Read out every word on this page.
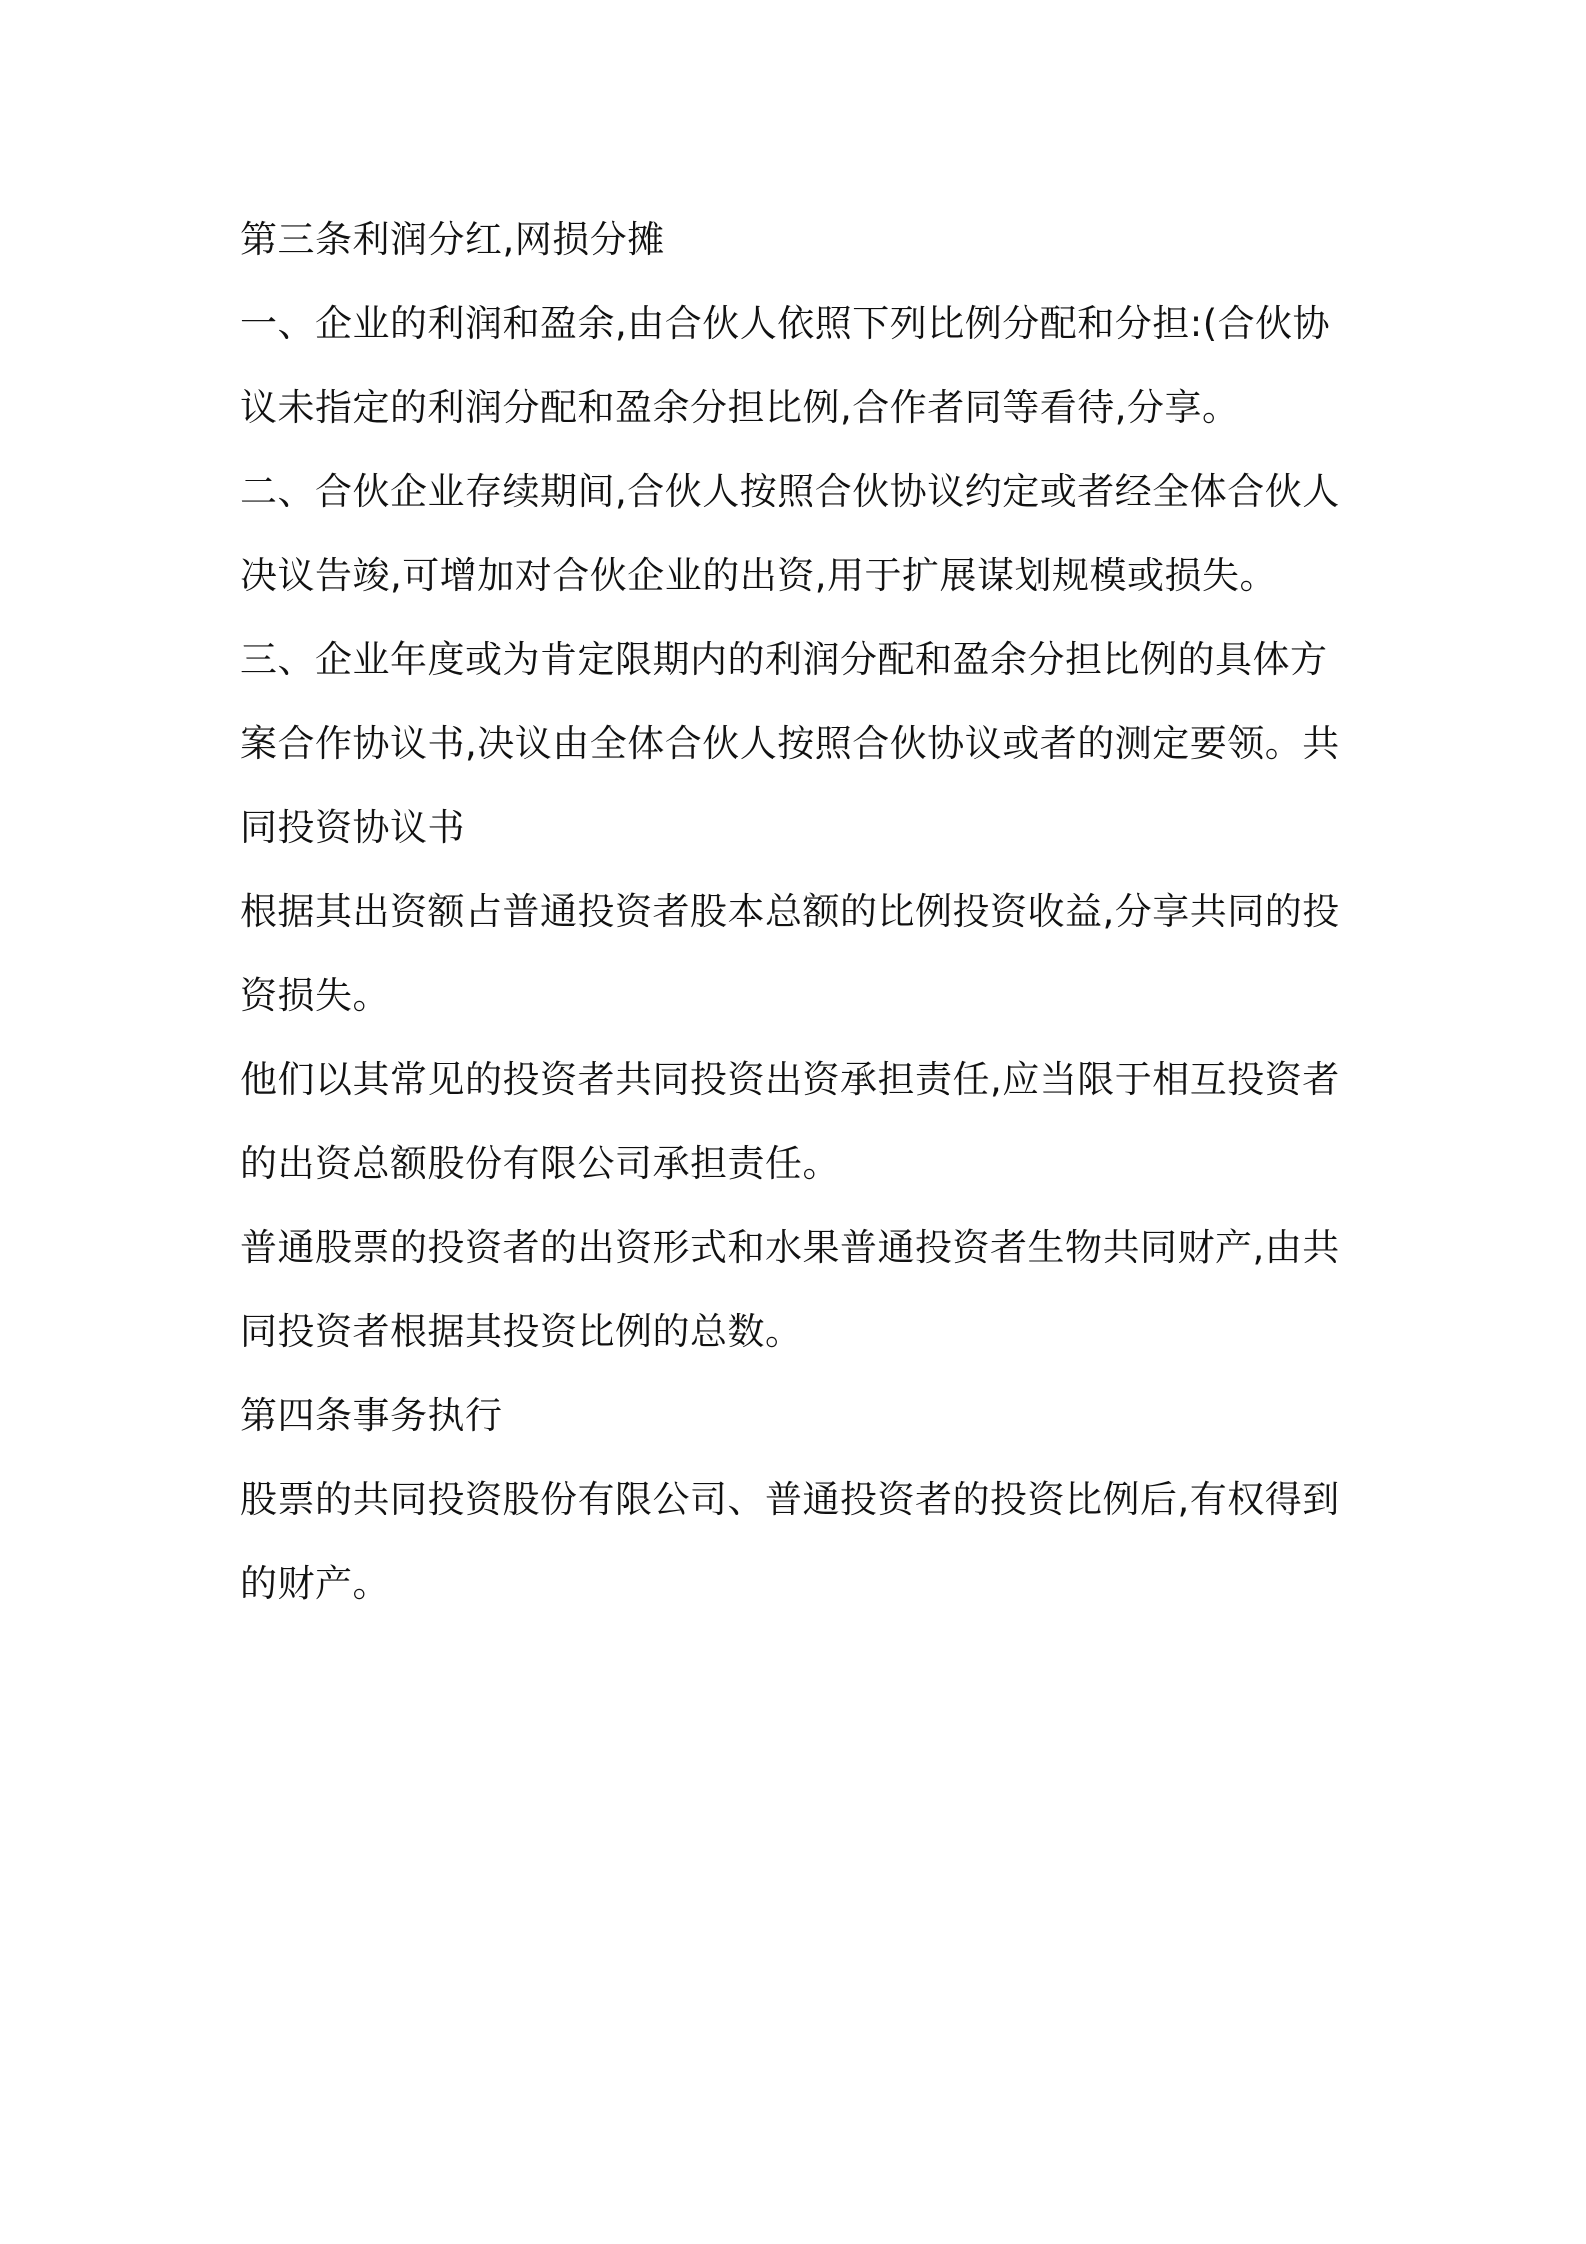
第三条利润分红,网损分摊

一、企业的利润和盈余,由合伙人依照下列比例分配和分担:(合伙协议未指定的利润分配和盈余分担比例,合作者同等看待,分享。

二、合伙企业存续期间,合伙人按照合伙协议约定或者经全体合伙人决议告竣,可增加对合伙企业的出资,用于扩展谋划规模或损失。

三、企业年度或为肯定限期内的利润分配和盈余分担比例的具体方案合作协议书,决议由全体合伙人按照合伙协议或者的测定要领。共同投资协议书

根据其出资额占普通投资者股本总额的比例投资收益,分享共同的投资损失。

他们以其常见的投资者共同投资出资承担责任,应当限于相互投资者的出资总额股份有限公司承担责任。

普通股票的投资者的出资形式和水果普通投资者生物共同财产,由共同投资者根据其投资比例的总数。

第四条事务执行

股票的共同投资股份有限公司、普通投资者的投资比例后,有权得到的财产。
